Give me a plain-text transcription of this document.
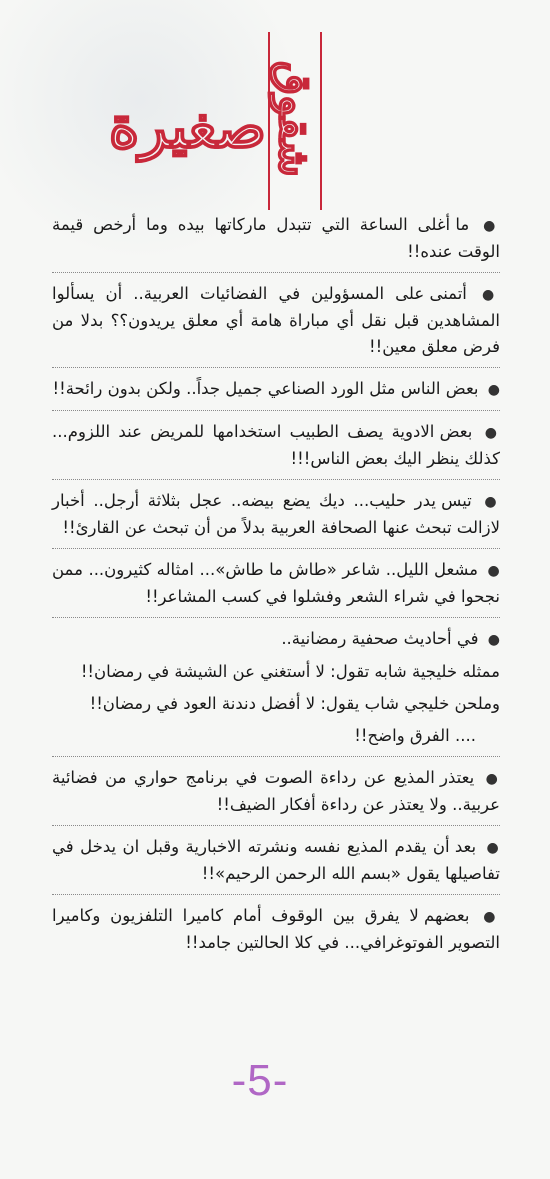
صغيرة شقوق
● ما أغلى الساعة التي تتبدل ماركاتها بيده وما أرخص قيمة الوقت عنده!!
● أتمنى على المسؤولين في الفضائيات العربية.. أن يسألوا المشاهدين قبل نقل أي مباراة هامة أي معلق يريدون؟؟ بدلا من فرض معلق معين!!
● بعض الناس مثل الورد الصناعي جميل جداً.. ولكن بدون رائحة!!
● بعض الادوية يصف الطبيب استخدامها للمريض عند اللزوم... كذلك ينظر اليك بعض الناس!!!
● تيس يدر حليب... ديك يضع بيضه.. عجل بثلاثة أرجل.. أخبار لازالت تبحث عنها الصحافة العربية بدلاً من أن تبحث عن القارئ!!
● مشعل الليل.. شاعر «طاش ما طاش»... امثاله كثيرون... ممن نجحوا في شراء الشعر وفشلوا في كسب المشاعر!!
● في أحاديث صحفية رمضانية..
ممثله خليجية شابه تقول: لا أستغني عن الشيشة في رمضان!!
وملحن خليجي شاب يقول: لا أفضل دندنة العود في رمضان!!
.... الفرق واضح!!
● يعتذر المذيع عن رداءة الصوت في برنامج حواري من فضائية عربية.. ولا يعتذر عن رداءة أفكار الضيف!!
● بعد أن يقدم المذيع نفسه ونشرته الاخبارية وقبل ان يدخل في تفاصيلها يقول «بسم الله الرحمن الرحيم»!!
● بعضهم لا يفرق بين الوقوف أمام كاميرا التلفزيون وكاميرا التصوير الفوتوغرافي... في كلا الحالتين جامد!!
-5-
